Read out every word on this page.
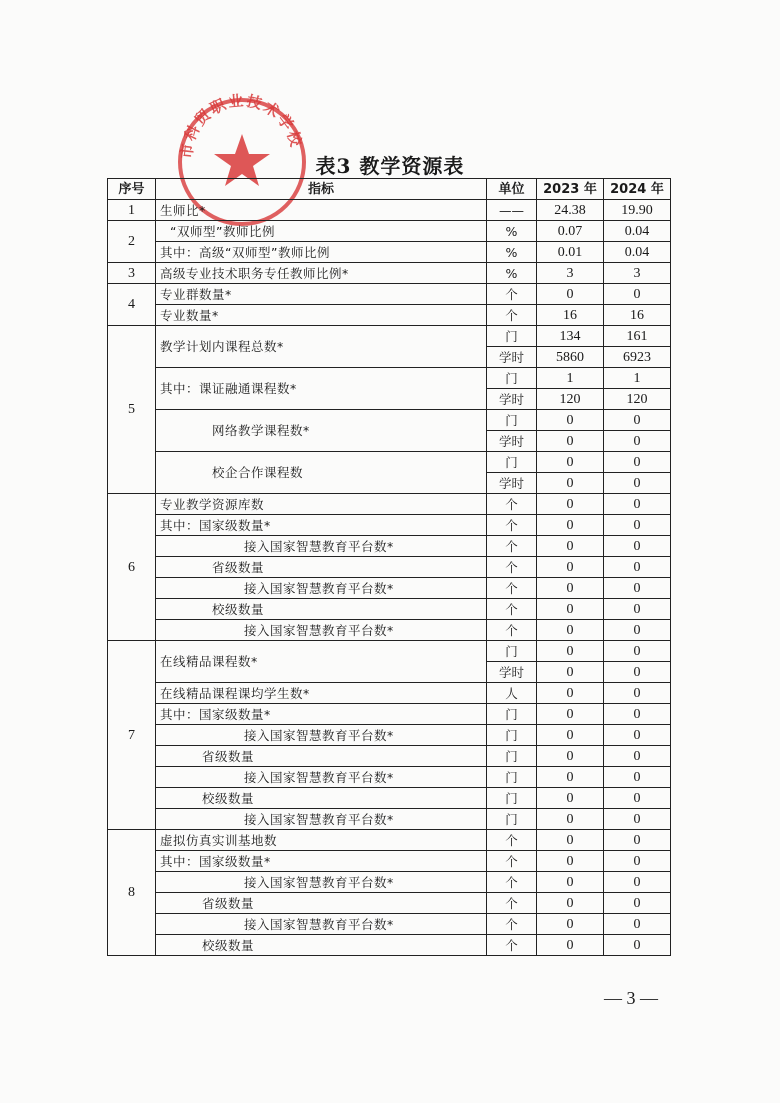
市科贸职业技术学校
表3 教学资源表
序号	指标	单位	2023 年	2024 年
1	生师比*	——	24.38	19.90
2	“双师型”教师比例	%	0.07	0.04
	其中：高级“双师型”教师比例	%	0.01	0.04
3	高级专业技术职务专任教师比例*	%	3	3
4	专业群数量*	个	0	0
	专业数量*	个	16	16
5	教学计划内课程总数*	门	134	161
		学时	5860	6923
	其中：课证融通课程数*	门	1	1
		学时	120	120
	网络教学课程数*	门	0	0
		学时	0	0
	校企合作课程数	门	0	0
		学时	0	0
6	专业教学资源库数	个	0	0
	其中：国家级数量*	个	0	0
	接入国家智慧教育平台数*	个	0	0
	省级数量	个	0	0
	接入国家智慧教育平台数*	个	0	0
	校级数量	个	0	0
	接入国家智慧教育平台数*	个	0	0
7	在线精品课程数*	门	0	0
		学时	0	0
	在线精品课程课均学生数*	人	0	0
	其中：国家级数量*	门	0	0
	接入国家智慧教育平台数*	门	0	0
	省级数量	门	0	0
	接入国家智慧教育平台数*	门	0	0
	校级数量	门	0	0
	接入国家智慧教育平台数*	门	0	0
8	虚拟仿真实训基地数	个	0	0
	其中：国家级数量*	个	0	0
	接入国家智慧教育平台数*	个	0	0
	省级数量	个	0	0
	接入国家智慧教育平台数*	个	0	0
	校级数量	个	0	0
— 3 —
